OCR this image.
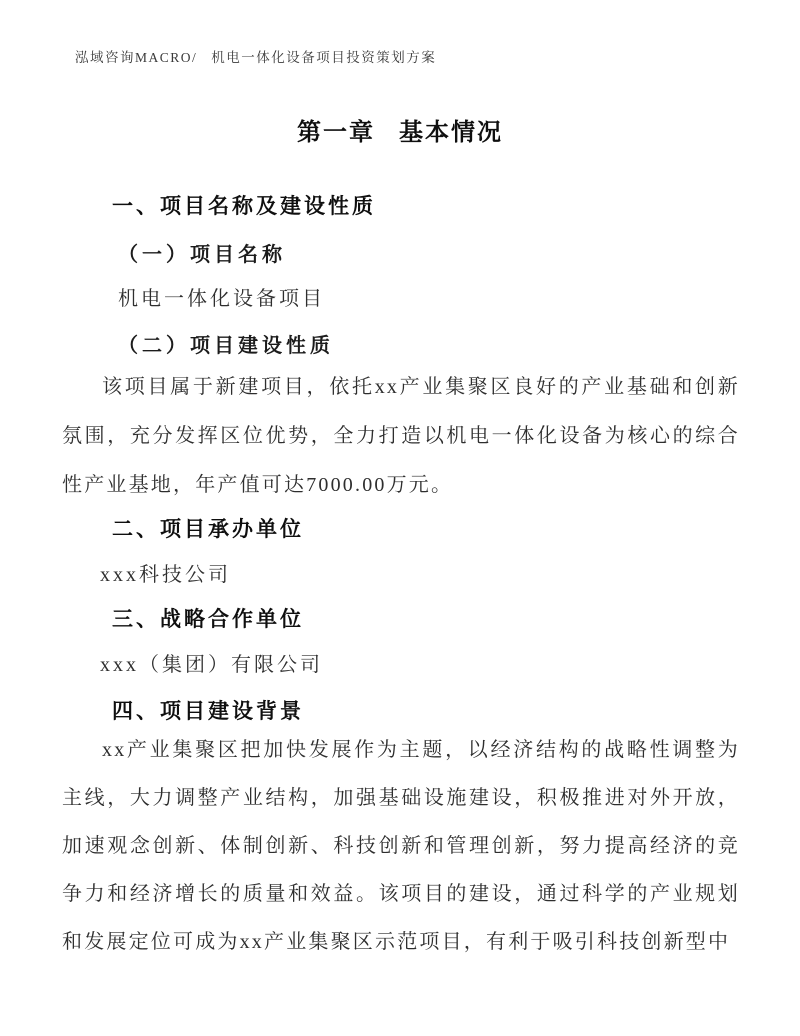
泓域咨询MACRO/ 机电一体化设备项目投资策划方案
第一章 基本情况
一、项目名称及建设性质
（一）项目名称
机电一体化设备项目
（二）项目建设性质
该项目属于新建项目，依托xx产业集聚区良好的产业基础和创新氛围，充分发挥区位优势，全力打造以机电一体化设备为核心的综合性产业基地，年产值可达7000.00万元。
二、项目承办单位
xxx科技公司
三、战略合作单位
xxx（集团）有限公司
四、项目建设背景
xx产业集聚区把加快发展作为主题，以经济结构的战略性调整为主线，大力调整产业结构，加强基础设施建设，积极推进对外开放，加速观念创新、体制创新、科技创新和管理创新，努力提高经济的竞争力和经济增长的质量和效益。该项目的建设，通过科学的产业规划和发展定位可成为xx产业集聚区示范项目，有利于吸引科技创新型中
